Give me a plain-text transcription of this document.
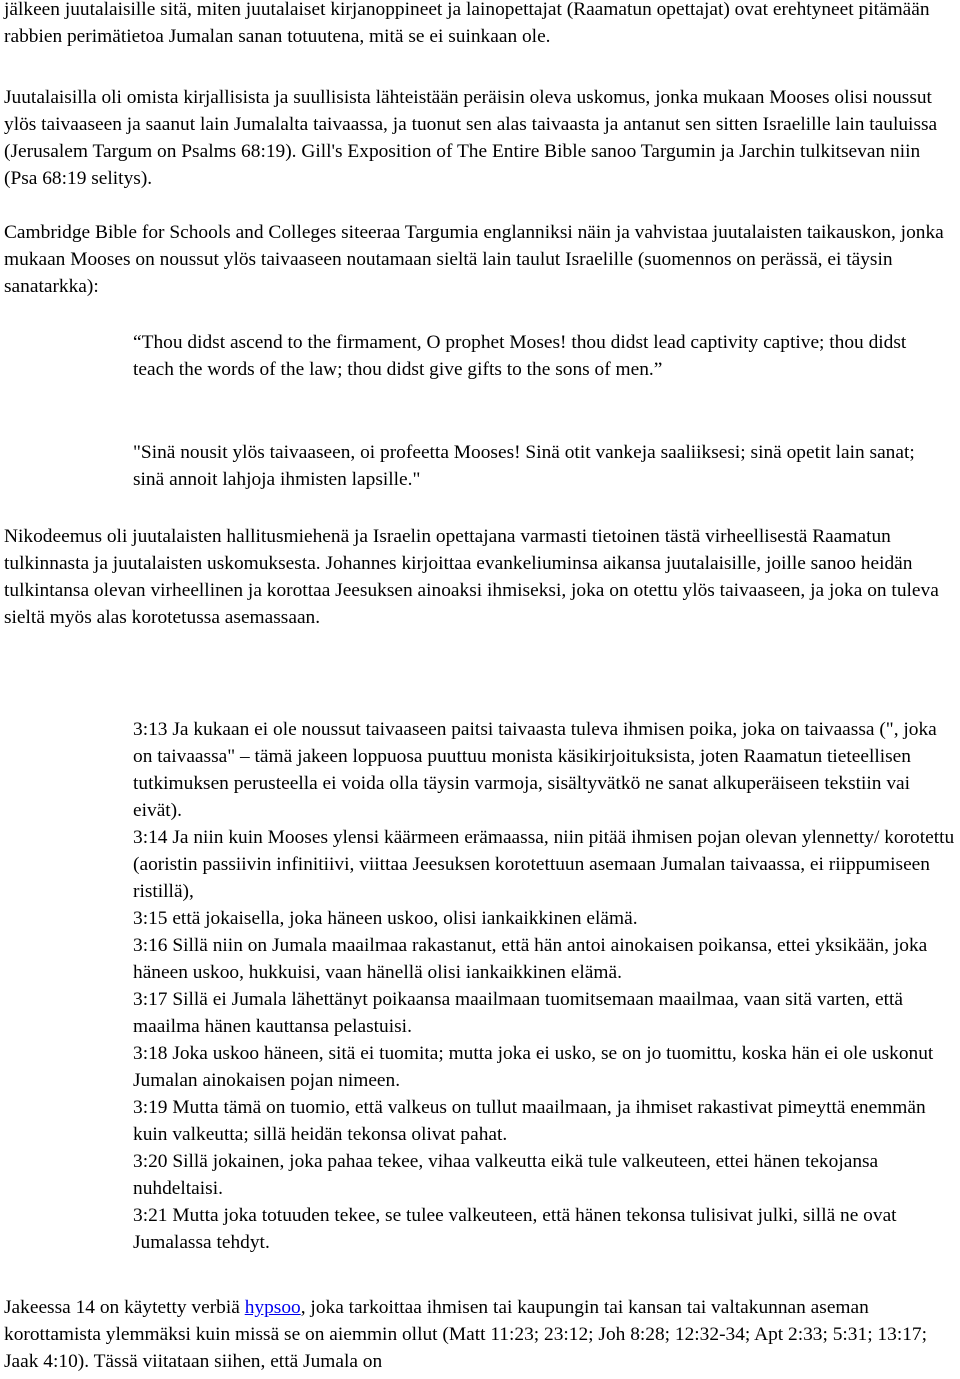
jälkeen juutalaisille sitä, miten juutalaiset kirjanoppineet ja lainopettajat (Raamatun opettajat) ovat erehtyneet pitämään rabbien perimätietoa Jumalan sanan totuutena, mitä se ei suinkaan ole.

Juutalaisilla oli omista kirjallisista ja suullisista lähteistään peräisin oleva uskomus, jonka mukaan Mooses olisi noussut ylös taivaaseen ja saanut lain Jumalalta taivaassa, ja tuonut sen alas taivaasta ja antanut sen sitten Israelille lain tauluissa (Jerusalem Targum on Psalms 68:19). Gill's Exposition of The Entire Bible sanoo Targumin ja Jarchin tulkitsevan niin (Psa 68:19 selitys).

Cambridge Bible for Schools and Colleges siteeraa Targumia englanniksi näin ja vahvistaa juutalaisten taikauskon, jonka mukaan Mooses on noussut ylös taivaaseen noutamaan sieltä lain taulut Israelille (suomennos on perässä, ei täysin sanatarkka):

“Thou didst ascend to the firmament, O prophet Moses! thou didst lead captivity captive; thou didst teach the words of the law; thou didst give gifts to the sons of men.”

"Sinä nousit ylös taivaaseen, oi profeetta Mooses! Sinä otit vankeja saaliiksesi; sinä opetit lain sanat; sinä annoit lahjoja ihmisten lapsille."

Nikodeemus oli juutalaisten hallitusmiehenä ja Israelin opettajana varmasti tietoinen tästä virheellisestä Raamatun tulkinnasta ja juutalaisten uskomuksesta. Johannes kirjoittaa evankeliuminsa aikansa juutalaisille, joille sanoo heidän tulkintansa olevan virheellinen ja korottaa Jeesuksen ainoaksi ihmiseksi, joka on otettu ylös taivaaseen, ja joka on tuleva sieltä myös alas korotetussa asemassaan.

3:13 Ja kukaan ei ole noussut taivaaseen paitsi taivaasta tuleva ihmisen poika, joka on taivaassa (", joka on taivaassa" – tämä jakeen loppuosa puuttuu monista käsikirjoituksista, joten Raamatun tieteellisen tutkimuksen perusteella ei voida olla täysin varmoja, sisältyvätkö ne sanat alkuperäiseen tekstiin vai eivät).
3:14 Ja niin kuin Mooses ylensi käärmeen erämaassa, niin pitää ihmisen pojan olevan ylennetty/ korotettu (aoristin passiivin infinitiivi, viittaa Jeesuksen korotettuun asemaan Jumalan taivaassa, ei riippumiseen ristillä),
3:15 että jokaisella, joka häneen uskoo, olisi iankaikkinen elämä.
3:16 Sillä niin on Jumala maailmaa rakastanut, että hän antoi ainokaisen poikansa, ettei yksikään, joka häneen uskoo, hukkuisi, vaan hänellä olisi iankaikkinen elämä.
3:17 Sillä ei Jumala lähettänyt poikaansa maailmaan tuomitsemaan maailmaa, vaan sitä varten, että maailma hänen kauttansa pelastuisi.
3:18 Joka uskoo häneen, sitä ei tuomita; mutta joka ei usko, se on jo tuomittu, koska hän ei ole uskonut Jumalan ainokaisen pojan nimeen.
3:19 Mutta tämä on tuomio, että valkeus on tullut maailmaan, ja ihmiset rakastivat pimeyttä enemmän kuin valkeutta; sillä heidän tekonsa olivat pahat.
3:20 Sillä jokainen, joka pahaa tekee, vihaa valkeutta eikä tule valkeuteen, ettei hänen tekojansa nuhdeltaisi.
3:21 Mutta joka totuuden tekee, se tulee valkeuteen, että hänen tekonsa tulisivat julki, sillä ne ovat Jumalassa tehdyt.

Jakeessa 14 on käytetty verbiä hypsoo, joka tarkoittaa ihmisen tai kaupungin tai kansan tai valtakunnan aseman korottamista ylemmäksi kuin missä se on aiemmin ollut (Matt 11:23; 23:12; Joh 8:28; 12:32-34; Apt 2:33; 5:31; 13:17; Jaak 4:10). Tässä viitataan siihen, että Jumala on
